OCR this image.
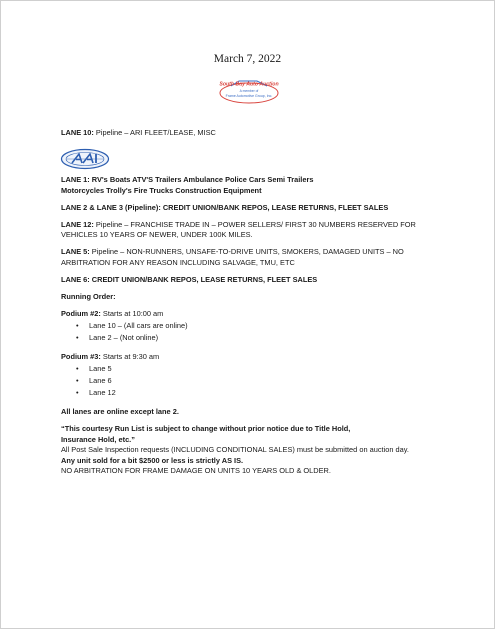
March 7, 2022
South Bay Auto Auction
A member of
Frame Automotive Group, Inc.

LANE 10: Pipeline – ARI FLEET/LEASE, MISC

LANE 1: RV's Boats ATV'S Trailers Ambulance Police Cars Semi Trailers
Motorcycles Trolly's Fire Trucks Construction Equipment

LANE 2 & LANE 3 (Pipeline): CREDIT UNION/BANK REPOS, LEASE RETURNS, FLEET SALES

LANE 12: Pipeline – FRANCHISE TRADE IN – POWER SELLERS/ FIRST 30 NUMBERS RESERVED FOR VEHICLES 10 YEARS OF NEWER, UNDER 100K MILES.

LANE 5: Pipeline – NON-RUNNERS, UNSAFE-TO-DRIVE UNITS, SMOKERS, DAMAGED UNITS – NO ARBITRATION FOR ANY REASON INCLUDING SALVAGE, TMU, ETC

LANE 6: CREDIT UNION/BANK REPOS, LEASE RETURNS, FLEET SALES

Running Order:

Podium #2: Starts at 10:00 am

• Lane 10 – (All cars are online)
• Lane 2 – (Not online)

Podium #3: Starts at 9:30 am

• Lane 5
• Lane 6
• Lane 12

All lanes are online except lane 2.

“This courtesy Run List is subject to change without prior notice due to Title Hold,
Insurance Hold, etc.”

All Post Sale Inspection requests (INCLUDING CONDITIONAL SALES) must be submitted on auction day.
Any unit sold for a bit $2500 or less is strictly AS IS.
NO ARBITRATION FOR FRAME DAMAGE ON UNITS 10 YEARS OLD & OLDER.
